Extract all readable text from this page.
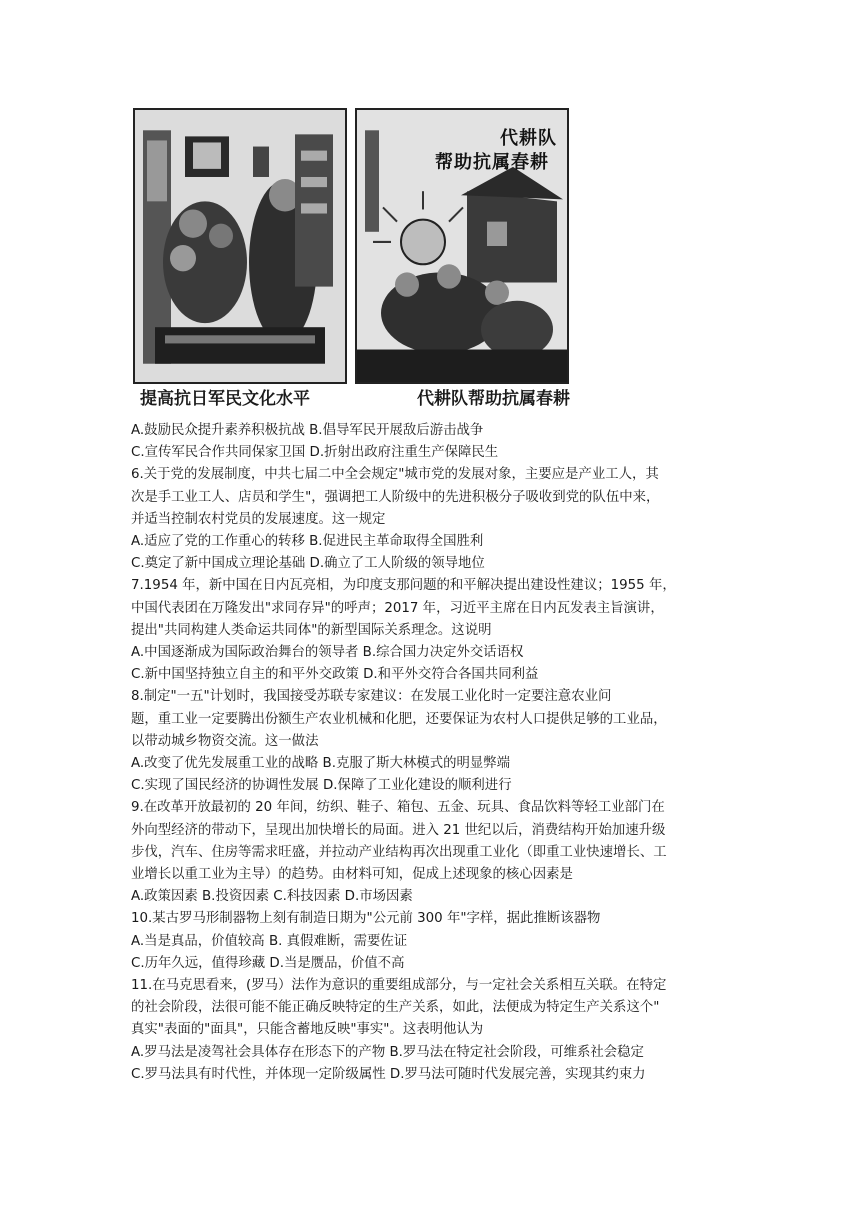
代耕队
帮助抗属春耕
提高抗日军民文化水平	代耕队帮助抗属春耕

A.鼓励民众提升素养积极抗战 B.倡导军民开展敌后游击战争

C.宣传军民合作共同保家卫国 D.折射出政府注重生产保障民生

6.关于党的发展制度，中共七届二中全会规定"城市党的发展对象，主要应是产业工人，其

次是手工业工人、店员和学生"，强调把工人阶级中的先进积极分子吸收到党的队伍中来，

并适当控制农村党员的发展速度。这一规定

A.适应了党的工作重心的转移 B.促进民主革命取得全国胜利

C.奠定了新中国成立理论基础 D.确立了工人阶级的领导地位

7.1954 年，新中国在日内瓦亮相，为印度支那问题的和平解决提出建设性建议；1955 年，

中国代表团在万隆发出"求同存异"的呼声；2017 年，习近平主席在日内瓦发表主旨演讲，

提出"共同构建人类命运共同体"的新型国际关系理念。这说明

A.中国逐渐成为国际政治舞台的领导者 B.综合国力决定外交话语权

C.新中国坚持独立自主的和平外交政策 D.和平外交符合各国共同利益

8.制定"一五"计划时，我国接受苏联专家建议：在发展工业化时一定要注意农业问

题，重工业一定要腾出份额生产农业机械和化肥，还要保证为农村人口提供足够的工业品，

以带动城乡物资交流。这一做法

A.改变了优先发展重工业的战略 B.克服了斯大林模式的明显弊端

C.实现了国民经济的协调性发展 D.保障了工业化建设的顺利进行

9.在改革开放最初的 20 年间，纺织、鞋子、箱包、五金、玩具、食品饮料等轻工业部门在

外向型经济的带动下，呈现出加快增长的局面。进入 21 世纪以后，消费结构开始加速升级

步伐，汽车、住房等需求旺盛，并拉动产业结构再次出现重工业化（即重工业快速增长、工

业增长以重工业为主导）的趋势。由材料可知，促成上述现象的核心因素是

A.政策因素 B.投资因素 C.科技因素 D.市场因素

10.某古罗马形制器物上刻有制造日期为"公元前 300 年"字样，据此推断该器物

A.当是真品，价值较高 B. 真假难断，需要佐证

C.历年久远，值得珍藏 D.当是赝品，价值不高

11.在马克思看来，(罗马）法作为意识的重要组成部分，与一定社会关系相互关联。在特定

的社会阶段，法很可能不能正确反映特定的生产关系，如此，法便成为特定生产关系这个"

真实"表面的"面具"，只能含蓄地反映"事实"。这表明他认为

A.罗马法是凌驾社会具体存在形态下的产物 B.罗马法在特定社会阶段，可维系社会稳定

C.罗马法具有时代性，并体现一定阶级属性 D.罗马法可随时代发展完善，实现其约束力
